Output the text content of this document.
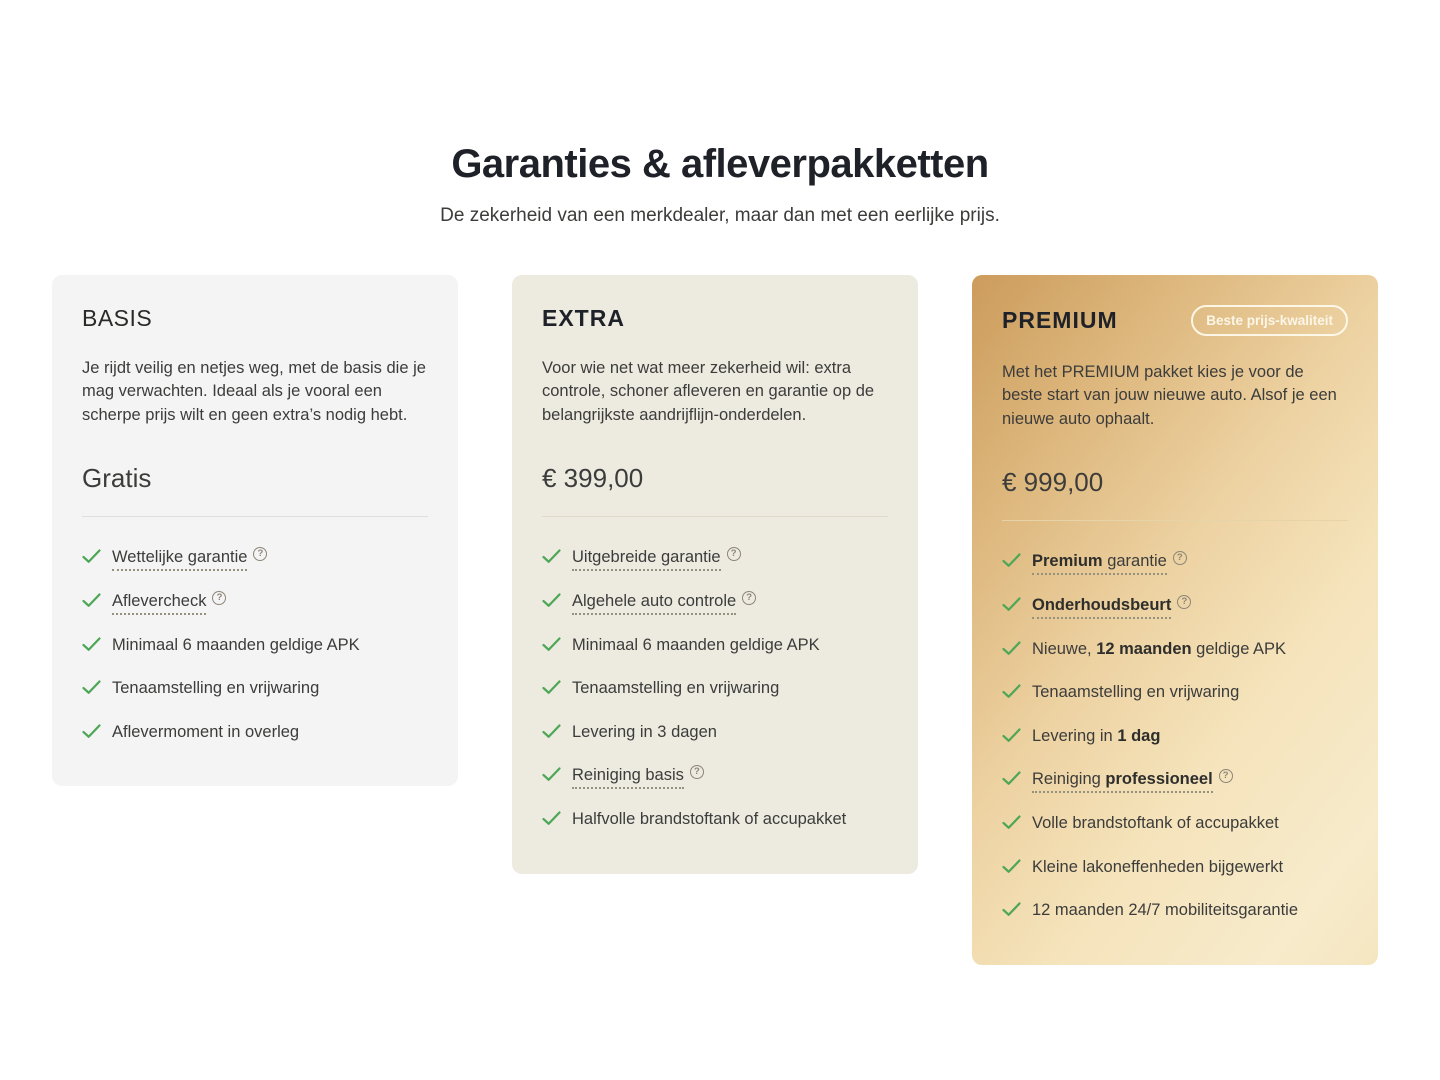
Garanties & afleverpakketten
De zekerheid van een merkdealer, maar dan met een eerlijke prijs.
BASIS

Je rijdt veilig en netjes weg, met de basis die je mag verwachten. Ideaal als je vooral een scherpe prijs wilt en geen extra’s nodig hebt.

Gratis
Wettelijke garantie ?
Aflevercheck ?
Minimaal 6 maanden geldige APK
Tenaamstelling en vrijwaring
Aflevermoment in overleg
EXTRA

Voor wie net wat meer zekerheid wil: extra controle, schoner afleveren en garantie op de belangrijkste aandrijflijn-onderdelen.

€ 399,00
Uitgebreide garantie ?
Algehele auto controle ?
Minimaal 6 maanden geldige APK
Tenaamstelling en vrijwaring
Levering in 3 dagen
Reiniging basis ?
Halfvolle brandstoftank of accupakket
PREMIUM	Beste prijs-kwaliteit

Met het PREMIUM pakket kies je voor de beste start van jouw nieuwe auto. Alsof je een nieuwe auto ophaalt.

€ 999,00
Premium garantie ?
Onderhoudsbeurt ?
Nieuwe, 12 maanden geldige APK
Tenaamstelling en vrijwaring
Levering in 1 dag
Reiniging professioneel ?
Volle brandstoftank of accupakket
Kleine lakoneffenheden bijgewerkt
12 maanden 24/7 mobiliteitsgarantie
